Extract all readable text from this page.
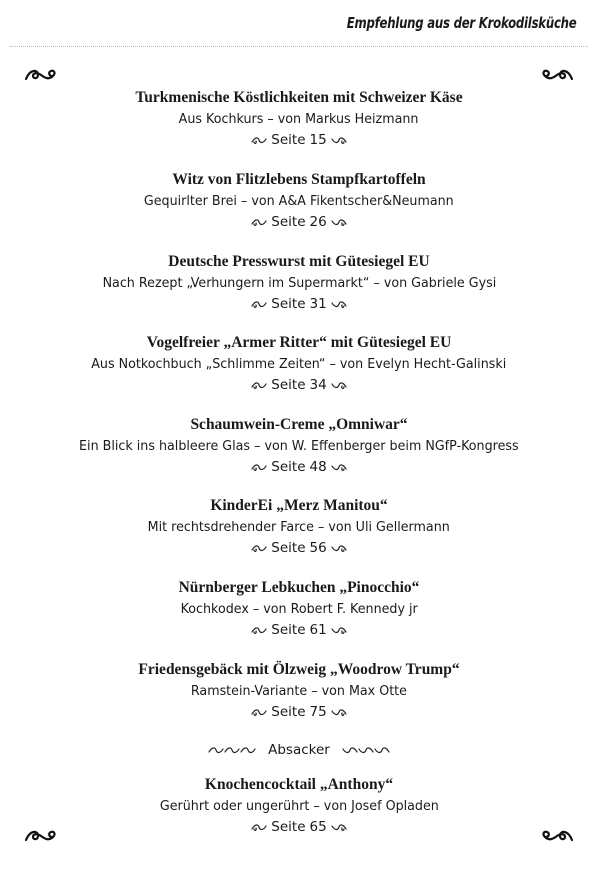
Empfehlung aus der Krokodilsküche
Turkmenische Köstlichkeiten mit Schweizer Käse
Aus Kochkurs – von Markus Heizmann
Seite 15
Witz von Flitzlebens Stampfkartoffeln
Gequirlter Brei – von A&A Fikentscher&Neumann
Seite 26
Deutsche Presswurst mit Gütesiegel EU
Nach Rezept „Verhungern im Supermarkt“ – von Gabriele Gysi
Seite 31
Vogelfreier „Armer Ritter“ mit Gütesiegel EU
Aus Notkochbuch „Schlimme Zeiten“ – von Evelyn Hecht-Galinski
Seite 34
Schaumwein-Creme „Omniwar“
Ein Blick ins halbleere Glas – von W. Effenberger beim NGfP-Kongress
Seite 48
KinderEi „Merz Manitou“
Mit rechtsdrehender Farce – von Uli Gellermann
Seite 56
Nürnberger Lebkuchen „Pinocchio“
Kochkodex – von Robert F. Kennedy jr
Seite 61
Friedensgebäck mit Ölzweig „Woodrow Trump“
Ramstein-Variante – von Max Otte
Seite 75
Absacker
Knochencocktail „Anthony“
Gerührt oder ungerührt – von Josef Opladen
Seite 65
